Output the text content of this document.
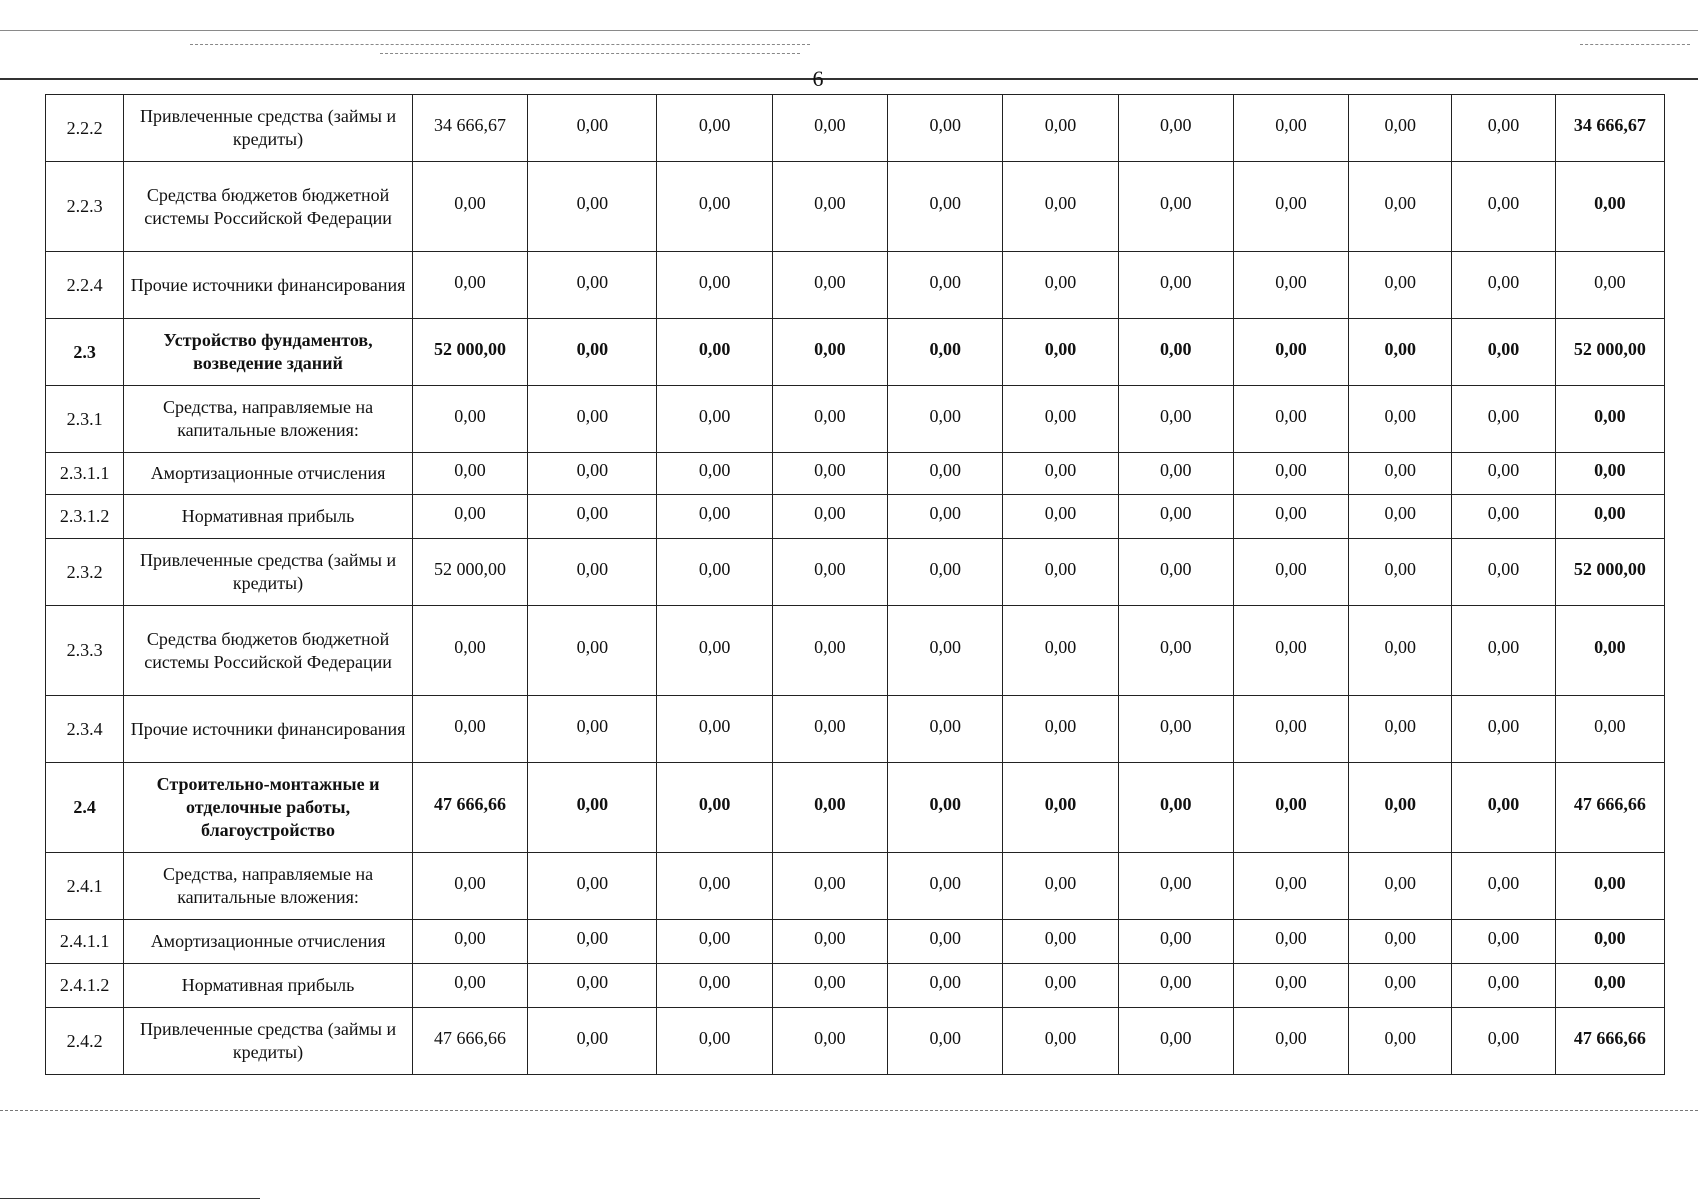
6
2.2.2	Привлеченные средства (займы и кредиты)	34 666,67	0,00	0,00	0,00	0,00	0,00	0,00	0,00	0,00	0,00	34 666,67
2.2.3	Средства бюджетов бюджетной системы Российской Федерации	0,00	0,00	0,00	0,00	0,00	0,00	0,00	0,00	0,00	0,00	0,00
2.2.4	Прочие источники финансирования	0,00	0,00	0,00	0,00	0,00	0,00	0,00	0,00	0,00	0,00	0,00
2.3	Устройство фундаментов, возведение зданий	52 000,00	0,00	0,00	0,00	0,00	0,00	0,00	0,00	0,00	0,00	52 000,00
2.3.1	Средства, направляемые на капитальные вложения:	0,00	0,00	0,00	0,00	0,00	0,00	0,00	0,00	0,00	0,00	0,00
2.3.1.1	Амортизационные отчисления	0,00	0,00	0,00	0,00	0,00	0,00	0,00	0,00	0,00	0,00	0,00
2.3.1.2	Нормативная прибыль	0,00	0,00	0,00	0,00	0,00	0,00	0,00	0,00	0,00	0,00	0,00
2.3.2	Привлеченные средства (займы и кредиты)	52 000,00	0,00	0,00	0,00	0,00	0,00	0,00	0,00	0,00	0,00	52 000,00
2.3.3	Средства бюджетов бюджетной системы Российской Федерации	0,00	0,00	0,00	0,00	0,00	0,00	0,00	0,00	0,00	0,00	0,00
2.3.4	Прочие источники финансирования	0,00	0,00	0,00	0,00	0,00	0,00	0,00	0,00	0,00	0,00	0,00
2.4	Строительно-монтажные и отделочные работы, благоустройство	47 666,66	0,00	0,00	0,00	0,00	0,00	0,00	0,00	0,00	0,00	47 666,66
2.4.1	Средства, направляемые на капитальные вложения:	0,00	0,00	0,00	0,00	0,00	0,00	0,00	0,00	0,00	0,00	0,00
2.4.1.1	Амортизационные отчисления	0,00	0,00	0,00	0,00	0,00	0,00	0,00	0,00	0,00	0,00	0,00
2.4.1.2	Нормативная прибыль	0,00	0,00	0,00	0,00	0,00	0,00	0,00	0,00	0,00	0,00	0,00
2.4.2	Привлеченные средства (займы и кредиты)	47 666,66	0,00	0,00	0,00	0,00	0,00	0,00	0,00	0,00	0,00	47 666,66
